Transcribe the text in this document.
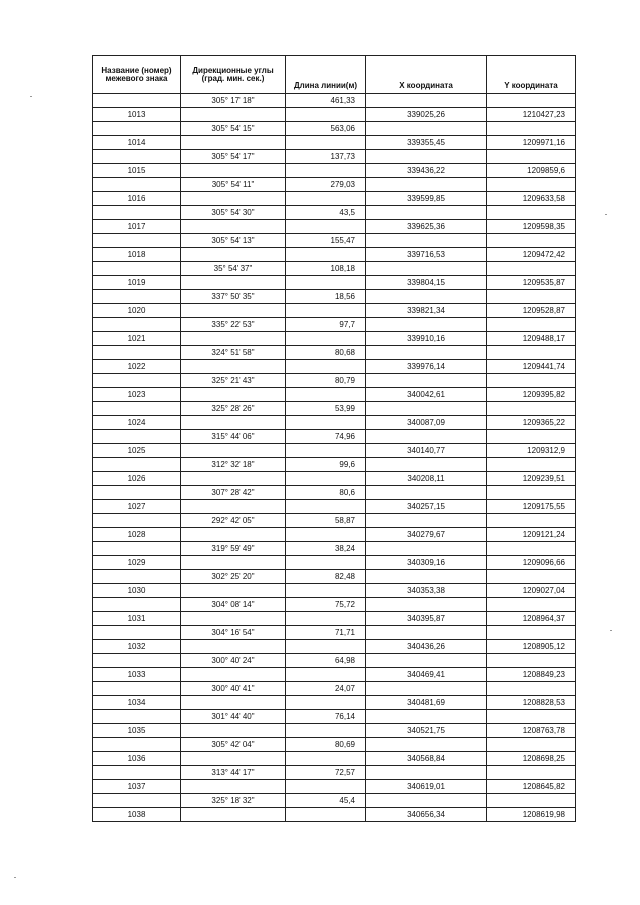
Название (номер) межевого знака	Дирекционные углы (град. мин. сек.)	Длина линии(м)	X координата	Y координата
	305° 17' 18"	461,33		
1013			339025,26	1210427,23
	305° 54' 15"	563,06		
1014			339355,45	1209971,16
	305° 54' 17"	137,73		
1015			339436,22	1209859,6
	305° 54' 11"	279,03		
1016			339599,85	1209633,58
	305° 54' 30"	43,5		
1017			339625,36	1209598,35
	305° 54' 13"	155,47		
1018			339716,53	1209472,42
	35° 54' 37"	108,18		
1019			339804,15	1209535,87
	337° 50' 35"	18,56		
1020			339821,34	1209528,87
	335° 22' 53"	97,7		
1021			339910,16	1209488,17
	324° 51' 58"	80,68		
1022			339976,14	1209441,74
	325° 21' 43"	80,79		
1023			340042,61	1209395,82
	325° 28' 26"	53,99		
1024			340087,09	1209365,22
	315° 44' 06"	74,96		
1025			340140,77	1209312,9
	312° 32' 18"	99,6		
1026			340208,11	1209239,51
	307° 28' 42"	80,6		
1027			340257,15	1209175,55
	292° 42' 05"	58,87		
1028			340279,67	1209121,24
	319° 59' 49"	38,24		
1029			340309,16	1209096,66
	302° 25' 20"	82,48		
1030			340353,38	1209027,04
	304° 08' 14"	75,72		
1031			340395,87	1208964,37
	304° 16' 54"	71,71		
1032			340436,26	1208905,12
	300° 40' 24"	64,98		
1033			340469,41	1208849,23
	300° 40' 41"	24,07		
1034			340481,69	1208828,53
	301° 44' 40"	76,14		
1035			340521,75	1208763,78
	305° 42' 04"	80,69		
1036			340568,84	1208698,25
	313° 44' 17"	72,57		
1037			340619,01	1208645,82
	325° 18' 32"	45,4		
1038			340656,34	1208619,98
